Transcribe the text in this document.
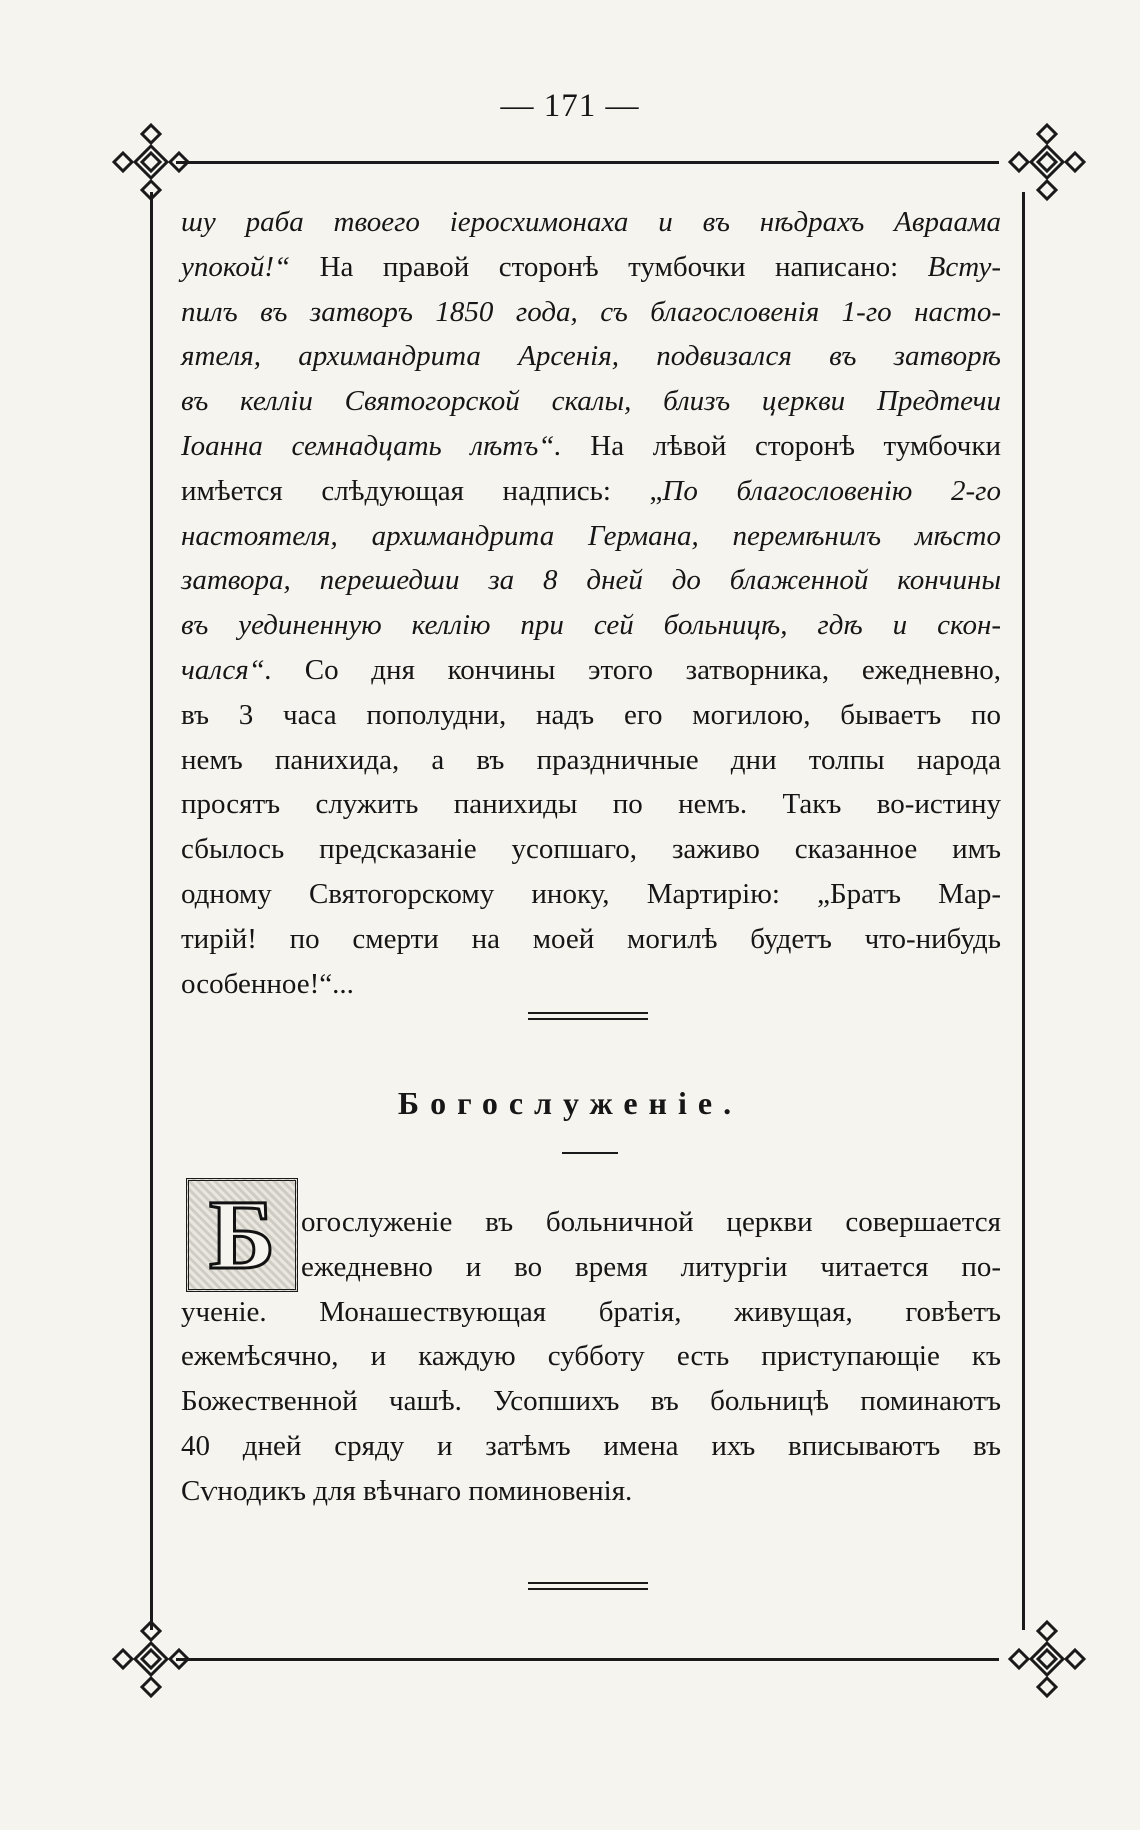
— 171 —
шу раба твоего іеросхимонаха и въ нѣдрахъ Авраама
упокой!“ На правой сторонѣ тумбочки написано: Всту-
пилъ въ затворъ 1850 года, съ благословенія 1-го насто-
ятеля, архимандрита Арсенія, подвизался въ затворѣ
въ келліи Святогорской скалы, близъ церкви Предтечи
Іоанна семнадцать лѣтъ“. На лѣвой сторонѣ тумбочки
имѣется слѣдующая надпись: „По благословенію 2-го
настоятеля, архимандрита Германа, перемѣнилъ мѣсто
затвора, перешедши за 8 дней до блаженной кончины
въ уединенную келлію при сей больницѣ, гдѣ и скон-
чался“. Со дня кончины этого затворника, ежедневно,
въ 3 часа пополудни, надъ его могилою, бываетъ по
немъ панихида, а въ праздничные дни толпы народа
просятъ служить панихиды по немъ. Такъ во-истину
сбылось предсказаніе усопшаго, заживо сказанное имъ
одному Святогорскому иноку, Мартирію: „Братъ Мар-
тирій! по смерти на моей могилѣ будетъ что-нибудь
особенное!“...
Богослуженіе.
Б огослуженіе въ больничной церкви совершается
ежедневно и во время литургіи читается по-
ученіе. Монашествующая братія, живущая, говѣетъ
ежемѣсячно, и каждую субботу есть приступающіе къ
Божественной чашѣ. Усопшихъ въ больницѣ поминаютъ
40 дней сряду и затѣмъ имена ихъ вписываютъ въ
Сѵнодикъ для вѣчнаго поминовенія.
